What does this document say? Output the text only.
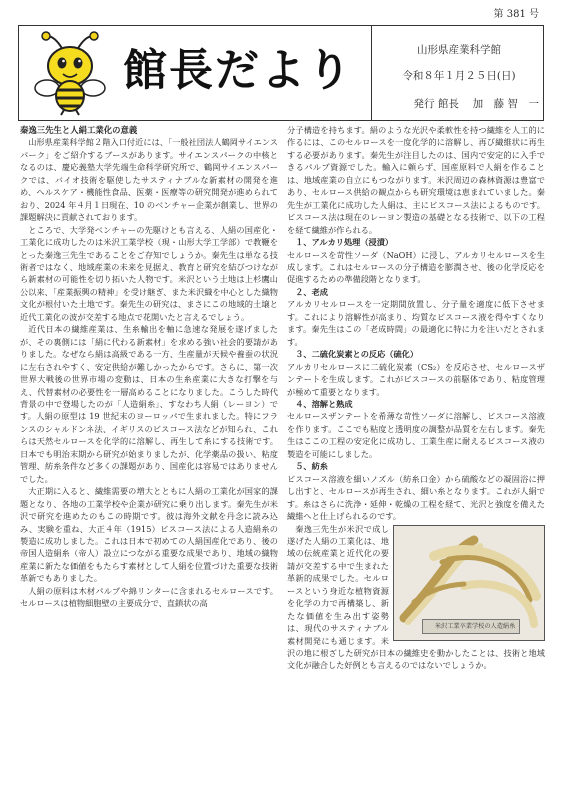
第 381 号
館長だより	山形県産業科学館
令和８年１月２５日(日)
発行 館長　 加　藤 智　一

秦逸三先生と人絹工業化の意義

山形県産業科学館２階入口付近には、「一般社団法人鶴岡サイエンスパーク」をご紹介するブースがあります。サイエンスパークの中核となるのは、慶応義塾大学先端生命科学研究所で、鶴岡サイエンスパークでは、バイオ技術を駆使したサスティナブルな新素材の開発を進め、ヘルスケア・機能性食品、医薬・医療等の研究開発が進められており、2024 年４月１日現在、10 のベンチャー企業が創業し、世界の課題解決に貢献されております。

ところで、大学発ベンチャーの先駆けとも言える、人絹の国産化・工業化に成功したのは米沢工業学校（現・山形大学工学部）で教鞭をとった秦逸三先生であることをご存知でしょうか。秦先生は単なる技術者ではなく、地域産業の未来を見据え、教育と研究を結びつけながら新素材の可能性を切り拓いた人物です。米沢という土地は上杉鷹山公以来、「産業振興の精神」を受け継ぎ、また米沢織を中心とした織物文化が根付いた土地です。秦先生の研究は、まさにこの地域的土壌と近代工業化の波が交差する地点で花開いたと言えるでしょう。

近代日本の繊維産業は、生糸輸出を軸に急速な発展を遂げましたが、その裏側には「絹に代わる新素材」を求める強い社会的要請がありました。なぜなら絹は高級である一方、生産量が天候や養蚕の状況に左右されやすく、安定供給が難しかったからです。さらに、第一次世界大戦後の世界市場の変動は、日本の生糸産業に大きな打撃を与え、代替素材の必要性を一層高めることになりました。こうした時代背景の中で登場したのが「人造絹糸」、すなわち人絹（レーヨン）です。人絹の原型は 19 世紀末のヨーロッパで生まれました。特にフランスのシャルドンネ法、イギリスのビスコース法などが知られ、これらは天然セルロースを化学的に溶解し、再生して糸にする技術です。日本でも明治末期から研究が始まりましたが、化学薬品の扱い、粘度管理、紡糸条件など多くの課題があり、国産化は容易ではありませんでした。

大正期に入ると、繊維需要の増大とともに人絹の工業化が国家的課題となり、各地の工業学校や企業が研究に乗り出します。秦先生が米沢で研究を進めたのもこの時期です。彼は海外文献を丹念に読み込み、実験を重ね、大正４年（1915）ビスコース法による人造絹糸の製造に成功しました。これは日本で初めての人絹国産化であり、後の帝国人造絹糸（帝人）設立につながる重要な成果であり、地域の織物産業に新たな価値をもたらす素材として人絹を位置づけた重要な技術革新でもありました。

人絹の原料は木材パルプや綿リンターに含まれるセルロースです。セルロースは植物細胞壁の主要成分で、直鎖状の高

分子構造を持ちます。絹のような光沢や柔軟性を持つ繊維を人工的に作るには、このセルロースを一度化学的に溶解し、再び繊維状に再生する必要があります。秦先生が注目したのは、国内で安定的に入手できるパルプ資源でした。輸入に頼らず、国産原料で人絹を作ることは、地域産業の自立にもつながります。米沢周辺の森林資源は豊富であり、セルロース供給の観点からも研究環境は恵まれていました。秦先生が工業化に成功した人絹は、主にビスコース法によるものです。ビスコース法は現在のレーヨン製造の基礎となる技術で、以下の工程を経て繊維が作られる。

１、アルカリ処理（浸漬）

セルロースを苛性ソーダ（NaOH）に浸し、アルカリセルロースを生成します。これはセルロースの分子構造を膨潤させ、後の化学反応を促進するための準備段階となります。

２、老成

アルカリセルロースを一定期間放置し、分子量を適度に低下させます。これにより溶解性が高まり、均質なビスコース液を得やすくなります。秦先生はこの「老成時間」の最適化に特に力を注いだとされます。

３、二硫化炭素との反応（硫化）

アルカリセルロースに二硫化炭素（CS₂）を反応させ、セルロースザンテートを生成します。これがビスコースの前駆体であり、粘度管理が極めて重要となります。

４、溶解と熟成

セルロースザンテートを希薄な苛性ソーダに溶解し、ビスコース溶液を作ります。ここでも粘度と透明度の調整が品質を左右します。秦先生はここの工程の安定化に成功し、工業生産に耐えるビスコース液の製造を可能にしました。

５、紡糸

ビスコース溶液を細いノズル（紡糸口金）から硫酸などの凝固浴に押し出すと、セルロースが再生され、細い糸となります。これが人絹です。糸はさらに洗浄・延伸・乾燥の工程を経て、光沢と強度を備えた繊維へと仕上げられるのです。

米沢工業卒業学校の人造絹糸
秦逸三先生が米沢で成し遂げた人絹の工業化は、地域の伝統産業と近代化の要請が交差する中で生まれた革新的成果でした。セルロースという身近な植物資源を化学の力で再構築し、新たな価値を生み出す姿勢は、現代のサスティナブル素材開発にも通じます。米沢の地に根ざした研究が日本の繊維史を動かしたことは、技術と地域文化が融合した好例とも言えるのではないでしょうか。
